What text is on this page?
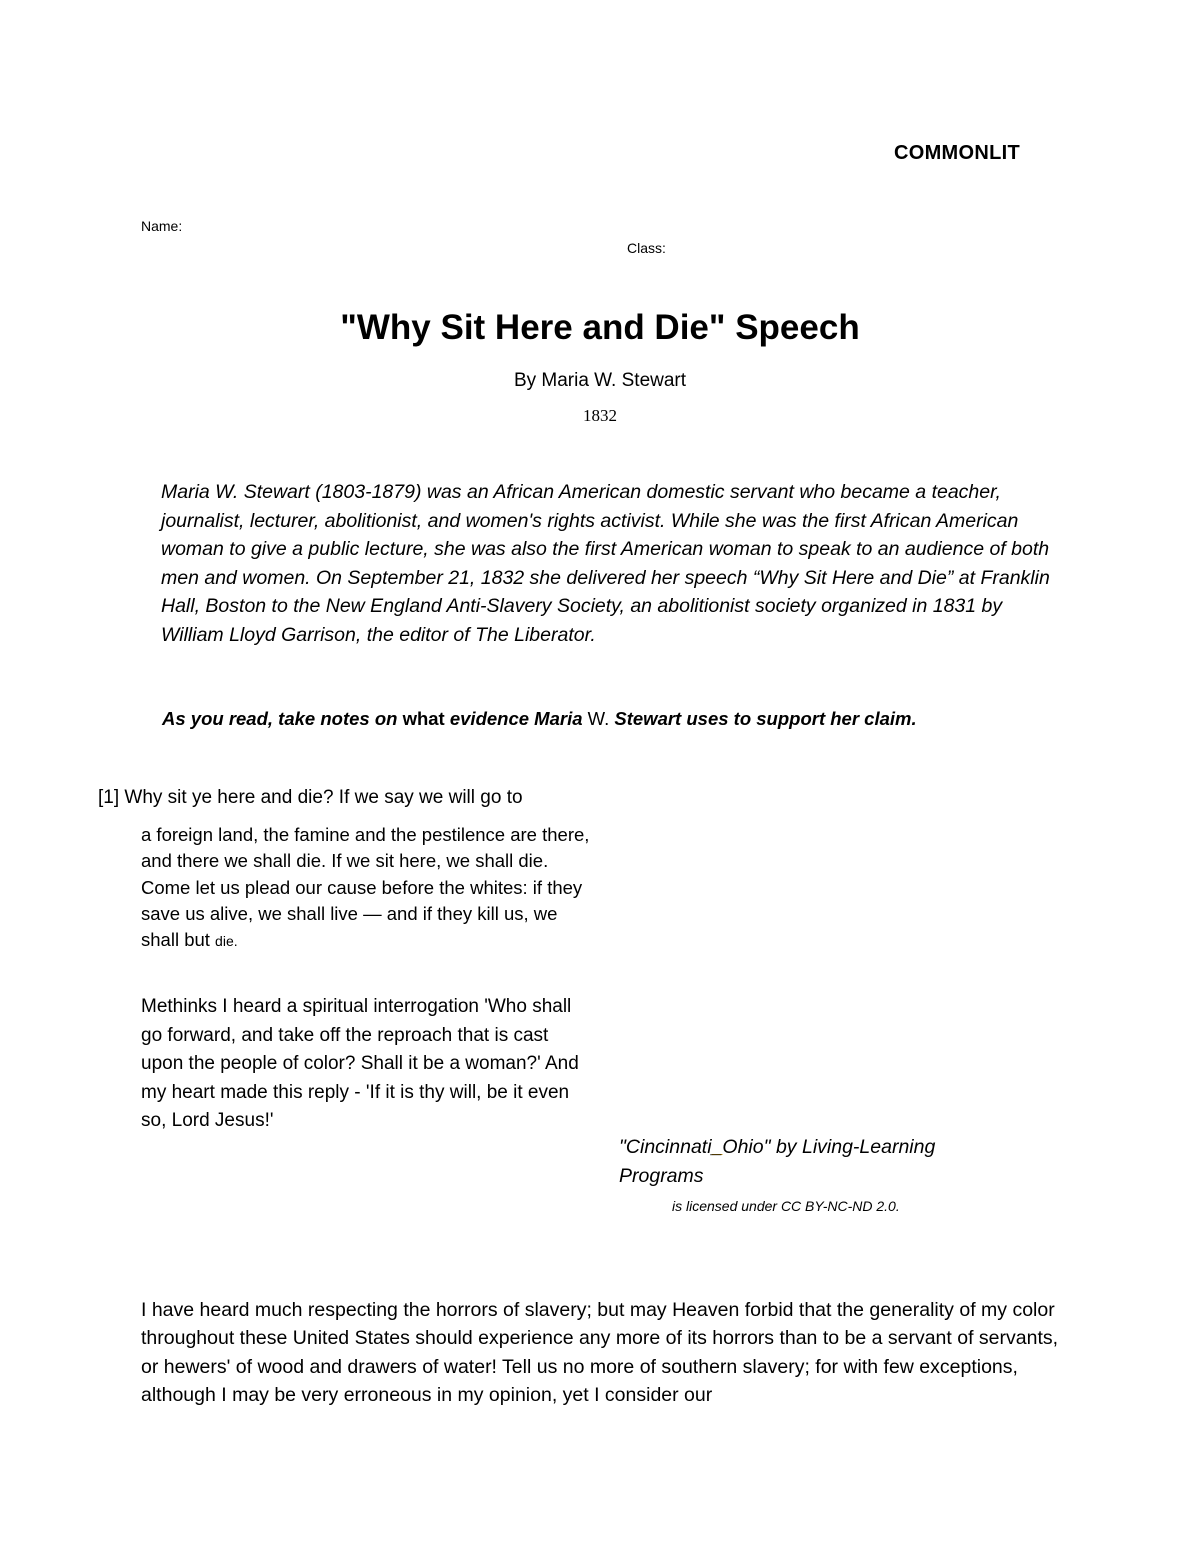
COMMONLIT
Name:
Class:
"Why Sit Here and Die" Speech
By Maria W. Stewart
1832

Maria W. Stewart (1803-1879) was an African American domestic servant who became a teacher, journalist, lecturer, abolitionist, and women's rights activist. While she was the first African American woman to give a public lecture, she was also the first American woman to speak to an audience of both men and women. On September 21, 1832 she delivered her speech “Why Sit Here and Die” at Franklin Hall, Boston to the New England Anti-Slavery Society, an abolitionist society organized in 1831 by William Lloyd Garrison, the editor of The Liberator.

As you read, take notes on what evidence Maria W. Stewart uses to support her claim.

[1] Why sit ye here and die? If we say we will go to

a foreign land, the famine and the pestilence are there, and there we shall die. If we sit here, we shall die. Come let us plead our cause before the whites: if they save us alive, we shall live — and if they kill us, we shall but die.

Methinks I heard a spiritual interrogation 'Who shall go forward, and take off the reproach that is cast upon the people of color? Shall it be a woman?' And my heart made this reply - 'If it is thy will, be it even so, Lord Jesus!'

"Cincinnati_Ohio" by Living-Learning Programs
is licensed under CC BY-NC-ND 2.0.

I have heard much respecting the horrors of slavery; but may Heaven forbid that the generality of my color throughout these United States should experience any more of its horrors than to be a servant of servants, or hewers' of wood and drawers of water! Tell us no more of southern slavery; for with few exceptions, although I may be very erroneous in my opinion, yet I consider our
